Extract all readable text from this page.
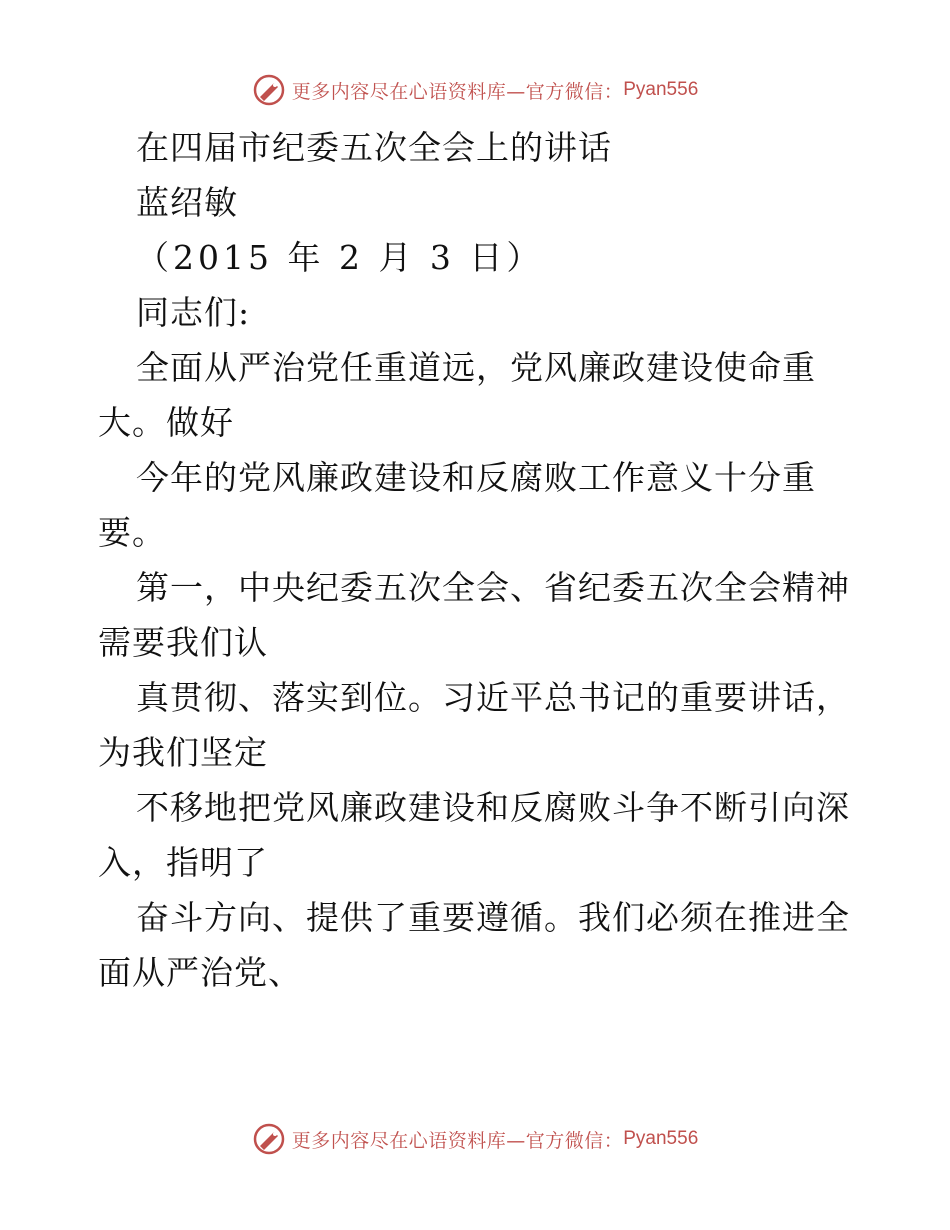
更多内容尽在心语资料库—官方微信： Pyan556
在四届市纪委五次全会上的讲话
蓝绍敏
（2015 年 2 月 3 日）
同志们:
全面从严治党任重道远，党风廉政建设使命重
大。做好
今年的党风廉政建设和反腐败工作意义十分重
要。
第一，中央纪委五次全会、省纪委五次全会精神
需要我们认
真贯彻、落实到位。习近平总书记的重要讲话，
为我们坚定
不移地把党风廉政建设和反腐败斗争不断引向深
入，指明了
奋斗方向、提供了重要遵循。我们必须在推进全
面从严治党、
更多内容尽在心语资料库—官方微信： Pyan556
